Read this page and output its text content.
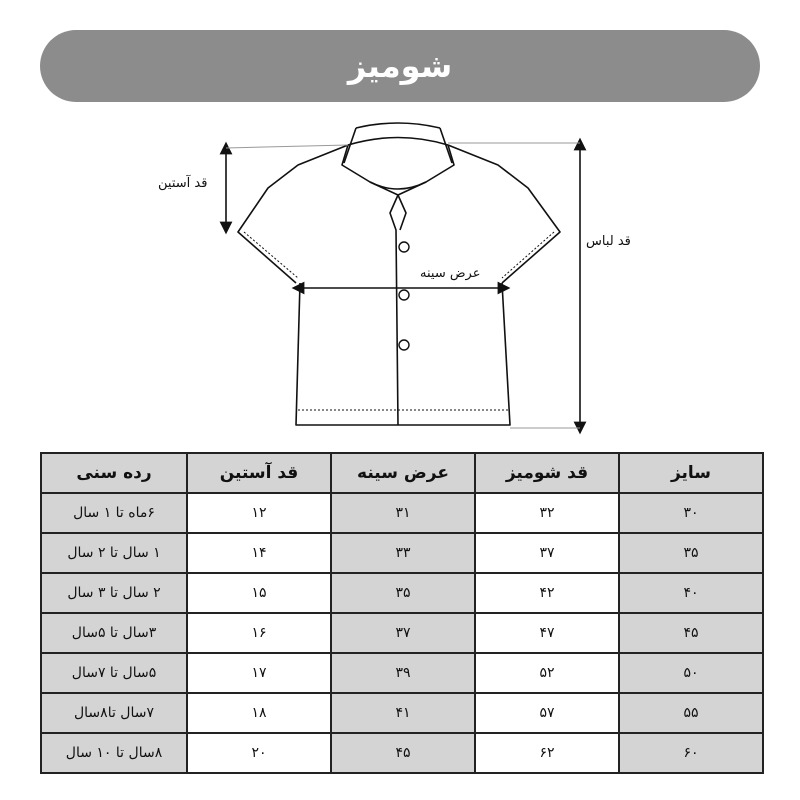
شومیز
قد آستین
قد لباس
عرض سینه
سایز	قد شومیز	عرض سینه	قد آستین	رده سنی
۳۰	۳۲	۳۱	۱۲	۶ماه تا ۱ سال
۳۵	۳۷	۳۳	۱۴	۱ سال تا ۲ سال
۴۰	۴۲	۳۵	۱۵	۲ سال تا ۳ سال
۴۵	۴۷	۳۷	۱۶	۳سال تا ۵سال
۵۰	۵۲	۳۹	۱۷	۵سال تا ۷سال
۵۵	۵۷	۴۱	۱۸	۷سال تا۸سال
۶۰	۶۲	۴۵	۲۰	۸سال تا ۱۰ سال
